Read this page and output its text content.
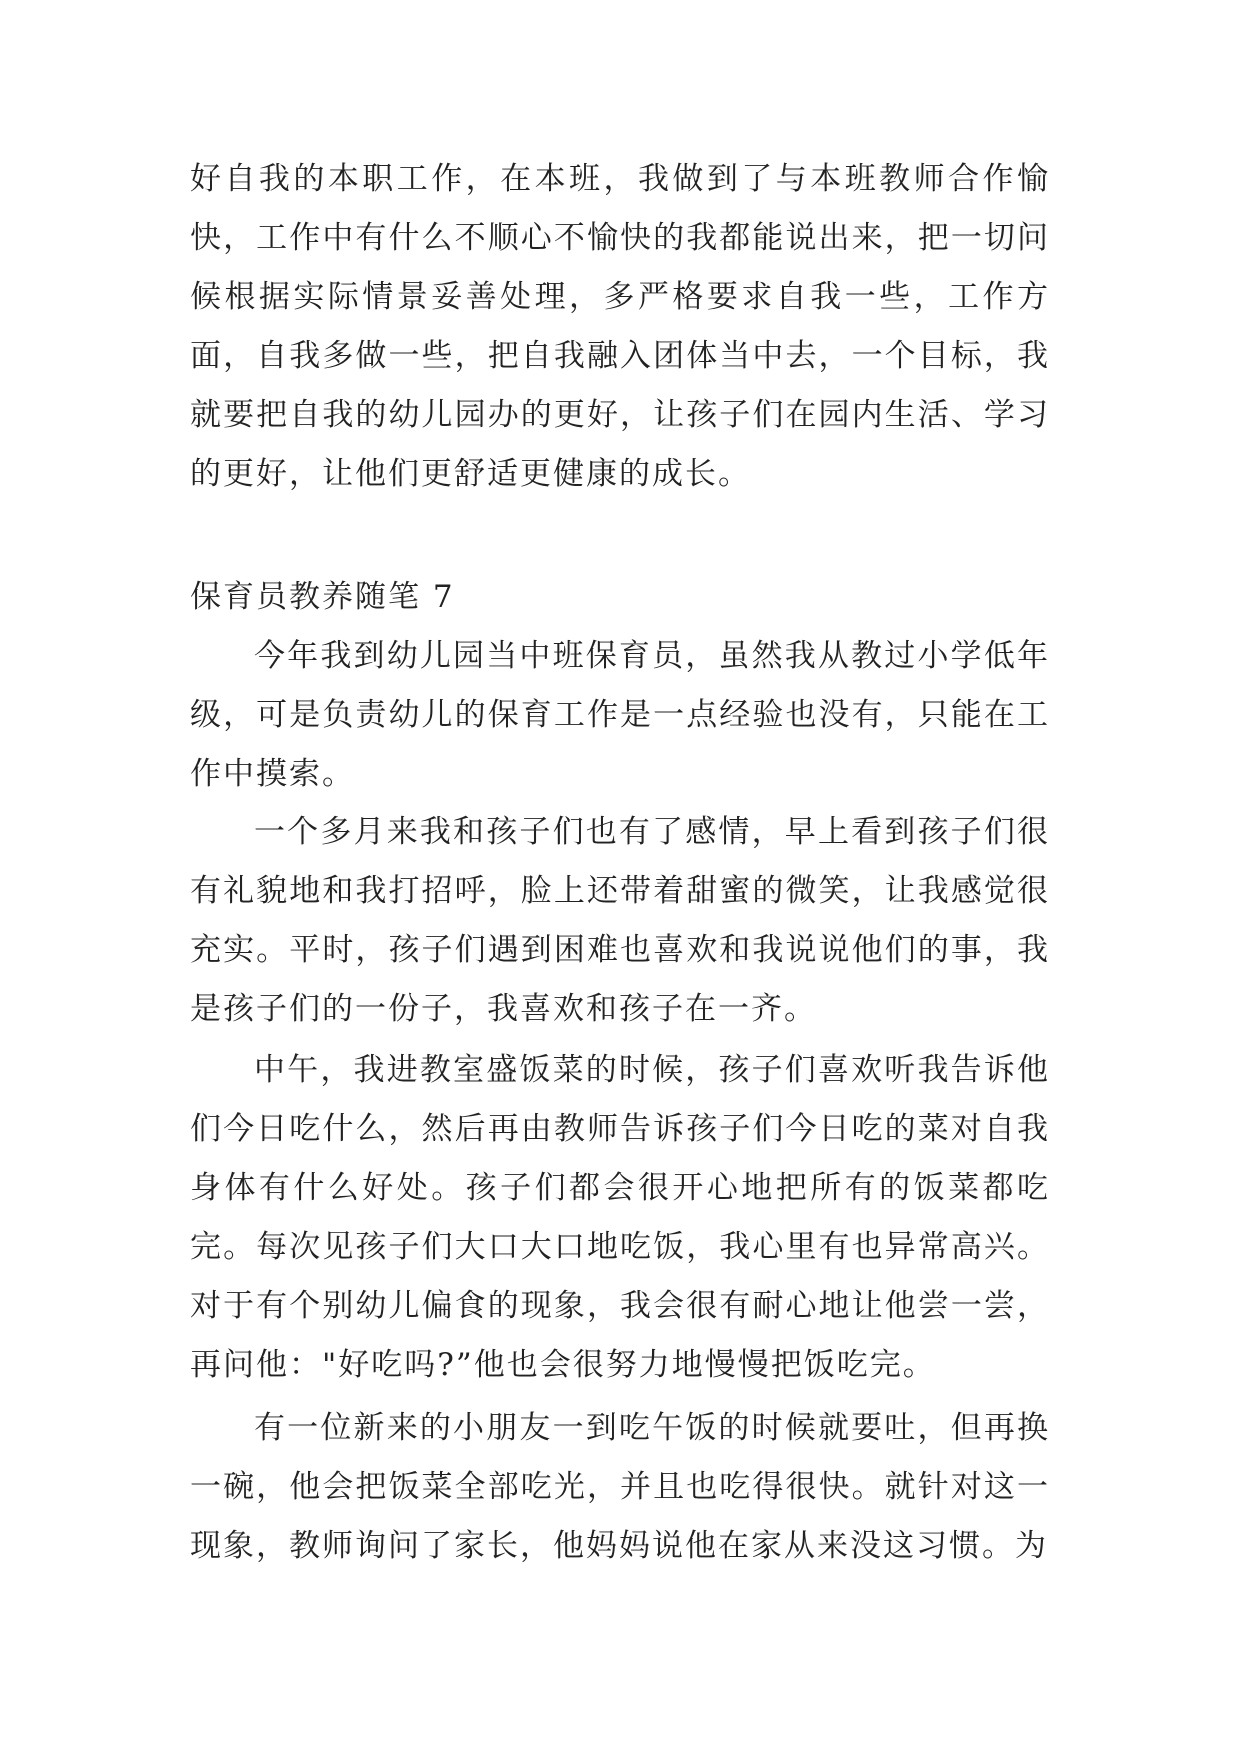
好自我的本职工作，在本班，我做到了与本班教师合作愉快，工作中有什么不顺心不愉快的我都能说出来，把一切问候根据实际情景妥善处理，多严格要求自我一些，工作方面，自我多做一些，把自我融入团体当中去，一个目标，我就要把自我的幼儿园办的更好，让孩子们在园内生活、学习的更好，让他们更舒适更健康的成长。

保育员教养随笔 7

今年我到幼儿园当中班保育员，虽然我从教过小学低年级，可是负责幼儿的保育工作是一点经验也没有，只能在工作中摸索。

一个多月来我和孩子们也有了感情，早上看到孩子们很有礼貌地和我打招呼，脸上还带着甜蜜的微笑，让我感觉很充实。平时，孩子们遇到困难也喜欢和我说说他们的事，我是孩子们的一份子，我喜欢和孩子在一齐。

中午，我进教室盛饭菜的时候，孩子们喜欢听我告诉他们今日吃什么，然后再由教师告诉孩子们今日吃的菜对自我身体有什么好处。孩子们都会很开心地把所有的饭菜都吃完。每次见孩子们大口大口地吃饭，我心里有也异常高兴。对于有个别幼儿偏食的现象，我会很有耐心地让他尝一尝，再问他："好吃吗?”他也会很努力地慢慢把饭吃完。

有一位新来的小朋友一到吃午饭的时候就要吐，但再换一碗，他会把饭菜全部吃光，并且也吃得很快。就针对这一现象，教师询问了家长，他妈妈说他在家从来没这习惯。为
